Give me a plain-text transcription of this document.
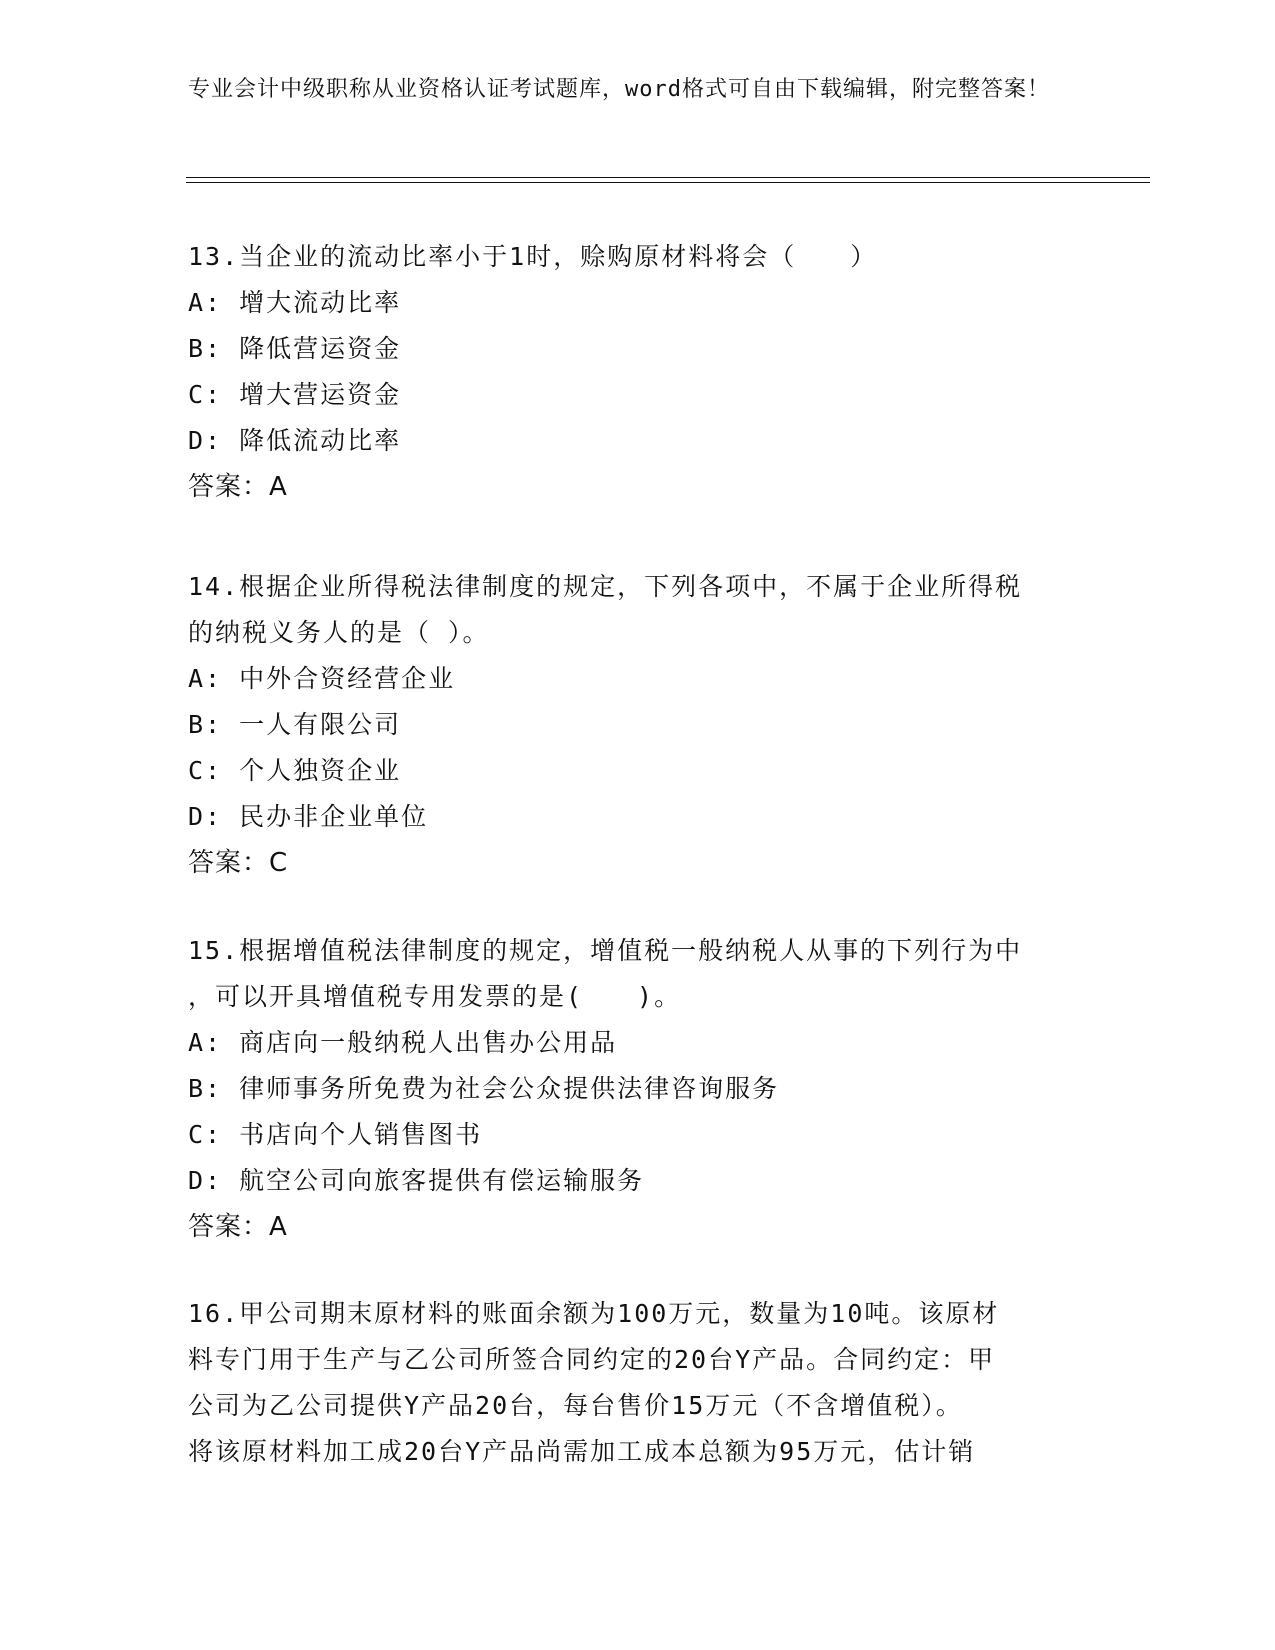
专业会计中级职称从业资格认证考试题库，word格式可自由下载编辑，附完整答案！
13.当企业的流动比率小于1时，赊购原材料将会（　　）
A: 增大流动比率
B: 降低营运资金
C: 增大营运资金
D: 降低流动比率
答案：A
14.根据企业所得税法律制度的规定，下列各项中，不属于企业所得税
的纳税义务人的是（ ）。
A: 中外合资经营企业
B: 一人有限公司
C: 个人独资企业
D: 民办非企业单位
答案：C
15.根据增值税法律制度的规定，增值税一般纳税人从事的下列行为中
，可以开具增值税专用发票的是(　　)。
A: 商店向一般纳税人出售办公用品
B: 律师事务所免费为社会公众提供法律咨询服务
C: 书店向个人销售图书
D: 航空公司向旅客提供有偿运输服务
答案：A
16.甲公司期末原材料的账面余额为100万元，数量为10吨。该原材
料专门用于生产与乙公司所签合同约定的20台Y产品。合同约定：甲
公司为乙公司提供Y产品20台，每台售价15万元（不含增值税）。
将该原材料加工成20台Y产品尚需加工成本总额为95万元，估计销
